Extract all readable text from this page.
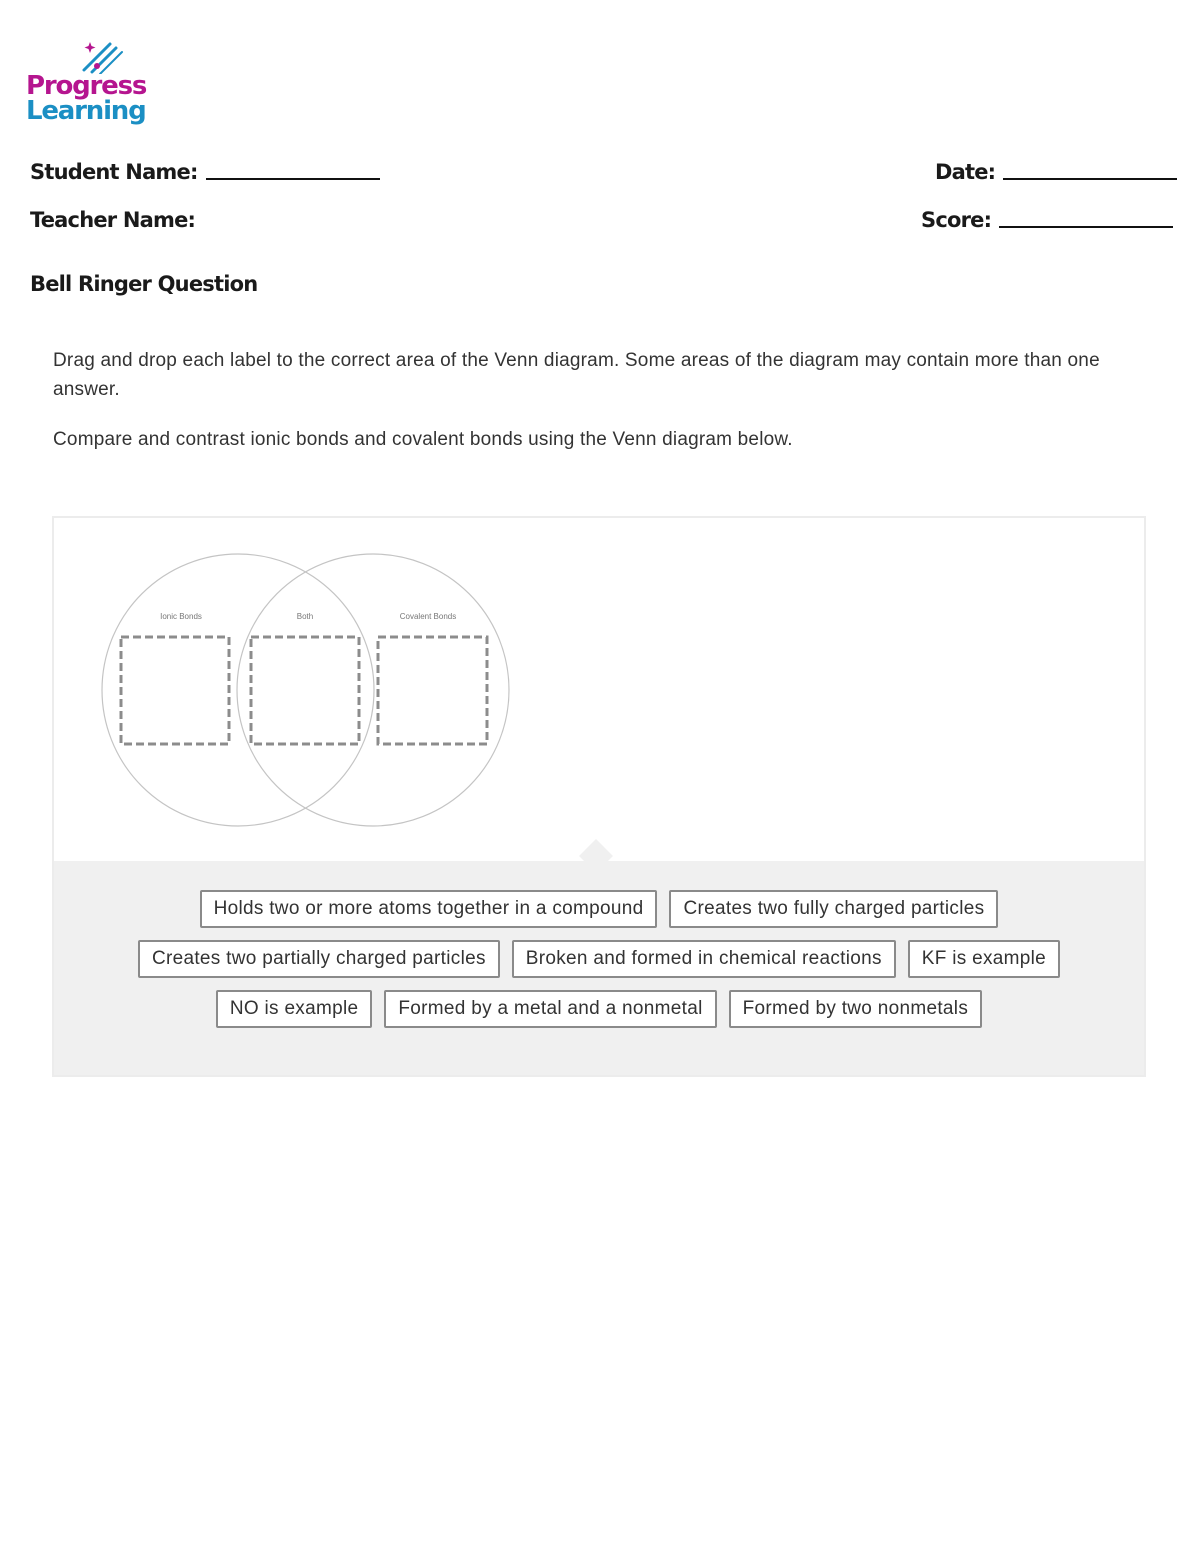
Progress
Learning
Student Name:	Date:
Teacher Name:	Score:
Bell Ringer Question

Drag and drop each label to the correct area of the Venn diagram. Some areas of the diagram may contain more than one answer.

Compare and contrast ionic bonds and covalent bonds using the Venn diagram below.

Ionic Bonds	Both	Covalent Bonds
Holds two or more atoms together in a compound	Creates two fully charged particles
Creates two partially charged particles	Broken and formed in chemical reactions	KF is example
NO is example	Formed by a metal and a nonmetal	Formed by two nonmetals
